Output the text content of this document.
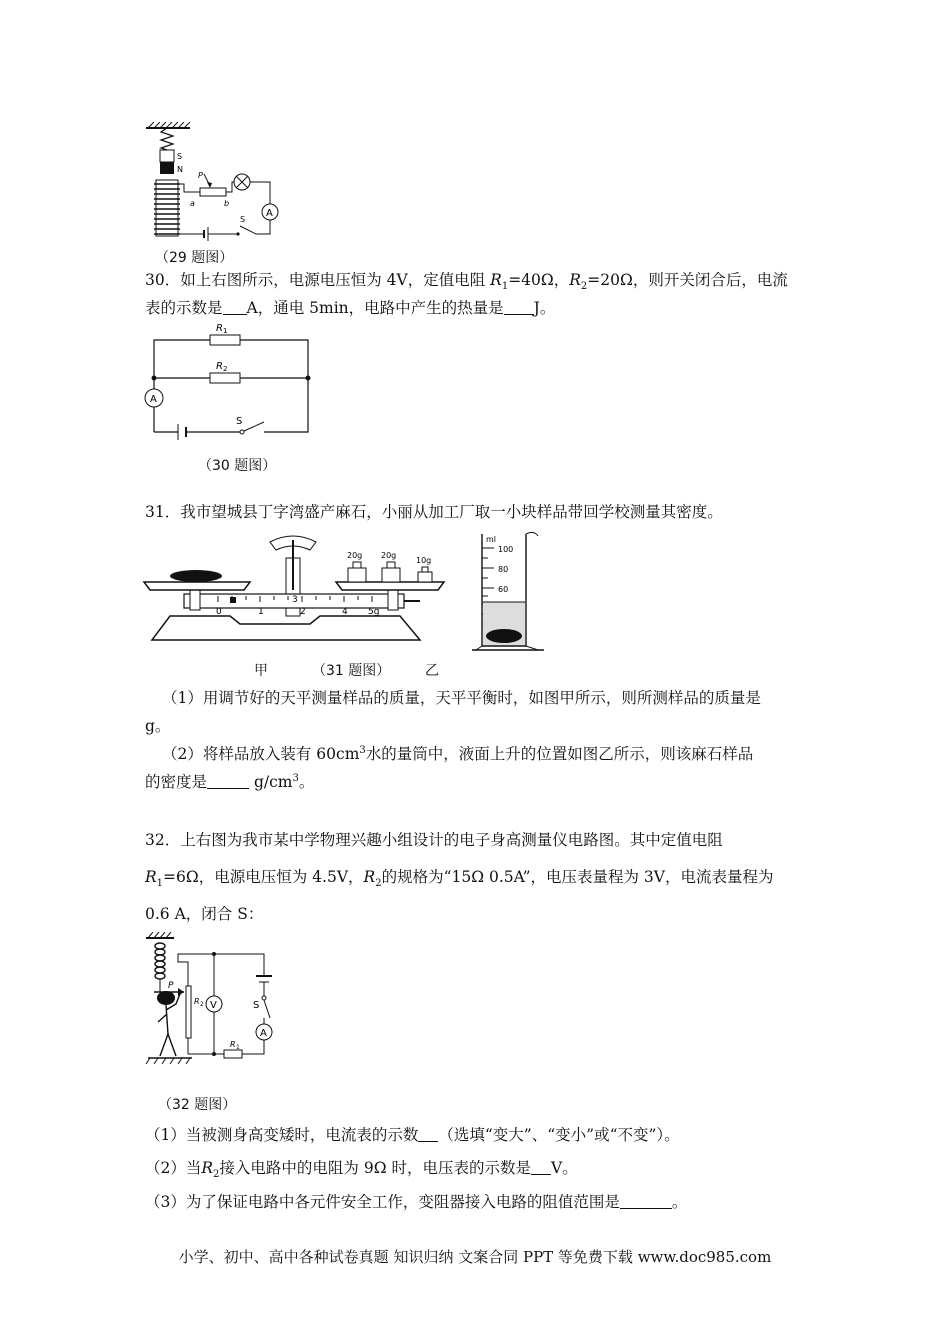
S
N
P
a	b
A
S
（29 题图）
30．如上右图所示，电源电压恒为 4V，定值电阻 $R_1=40\Omega$，$R_2=20\Omega$，则开关闭合后，电流
表的示数是 A，通电 5min，电路中产生的热量是 J。
R 1
R 2
A
S
（30 题图）
31．我市望城县丁字湾盛产麻石，小丽从加工厂取一小块样品带回学校测量其密度。
0	1	2
3
4 5g
20g 20g
10g
ml
100
80
60
甲	（31 题图） 乙
（1）用调节好的天平测量样品的质量，天平平衡时，如图甲所示，则所测样品的质量是
g。
（2）将样品放入装有 $60cm^3$水的量筒中，液面上升的位置如图乙所示，则该麻石样品
的密度是	$g/cm^3$。
32．上右图为我市某中学物理兴趣小组设计的电子身高测量仪电路图。其中定值电阻
$R_1=6\Omega$，电源电压恒为 4.5V，$R_2$的规格为“15Ω 0.5A”，电压表量程为 3V，电流表量程为
0.6 A，闭合 S：
P
R 2 V	S
A
R 1
（32 题图）
（1）当被测身高变矮时，电流表的示数 （选填“变大”、“变小”或“不变”）。
（2）当$R_2$接入电路中的电阻为 9Ω 时，电压表的示数是 V。
（3）为了保证电路中各元件安全工作，变阻器接入电路的阻值范围是	。
小学、初中、高中各种试卷真题 知识归纳 文案合同 PPT 等免费下载 www.doc985.com
